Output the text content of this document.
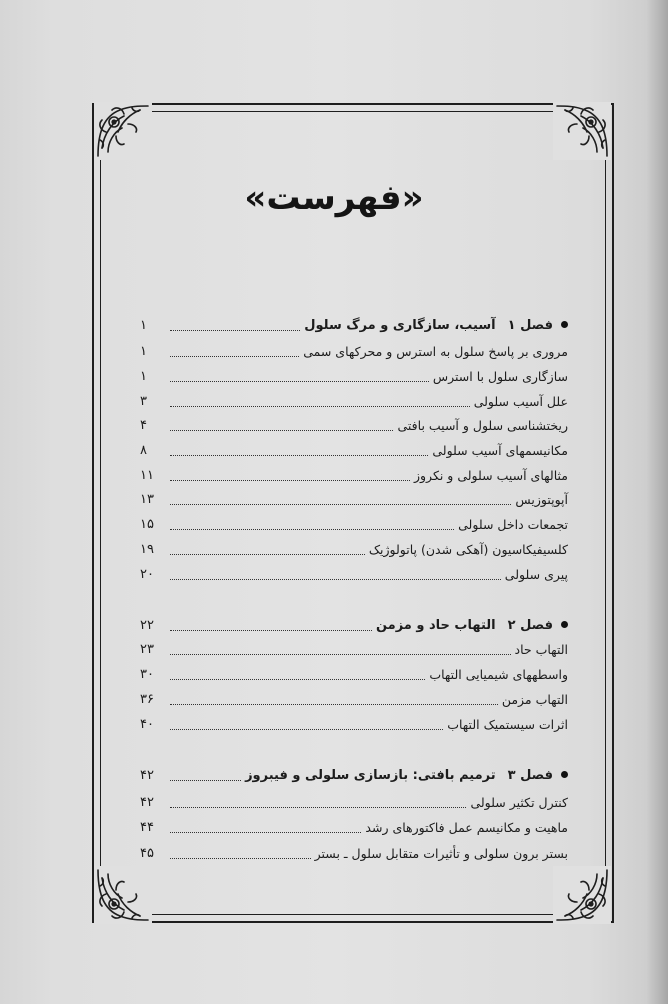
«فهرست»
فصل ۱آسیب، سازگاری و مرگ سلول
۱
مروری بر پاسخ سلول به استرس و محرکهای سمی
۱
سازگاری سلول با استرس
۱
علل آسیب سلولی
۳
ریختشناسی سلول و آسیب بافتی
۴
مکانیسمهای آسیب سلولی
۸
مثالهای آسیب سلولی و نکروز
۱۱
آپوپتوزیس
۱۳
تجمعات داخل سلولی
۱۵
کلسیفیکاسیون (آهکی شدن) پاتولوژیک
۱۹
پیری سلولی
۲۰
فصل ۲التهاب حاد و مزمن
۲۲
التهاب حاد
۲۳
واسطههای شیمیایی التهاب
۳۰
التهاب مزمن
۳۶
اثرات سیستمیک التهاب
۴۰
فصل ۳ترمیم بافتی: بازسازی سلولی و فیبروز
۴۲
کنترل تکثیر سلولی
۴۲
ماهیت و مکانیسم عمل فاکتورهای رشد
۴۴
بستر برون سلولی و تأثیرات متقابل سلول ـ بستر
۴۵
